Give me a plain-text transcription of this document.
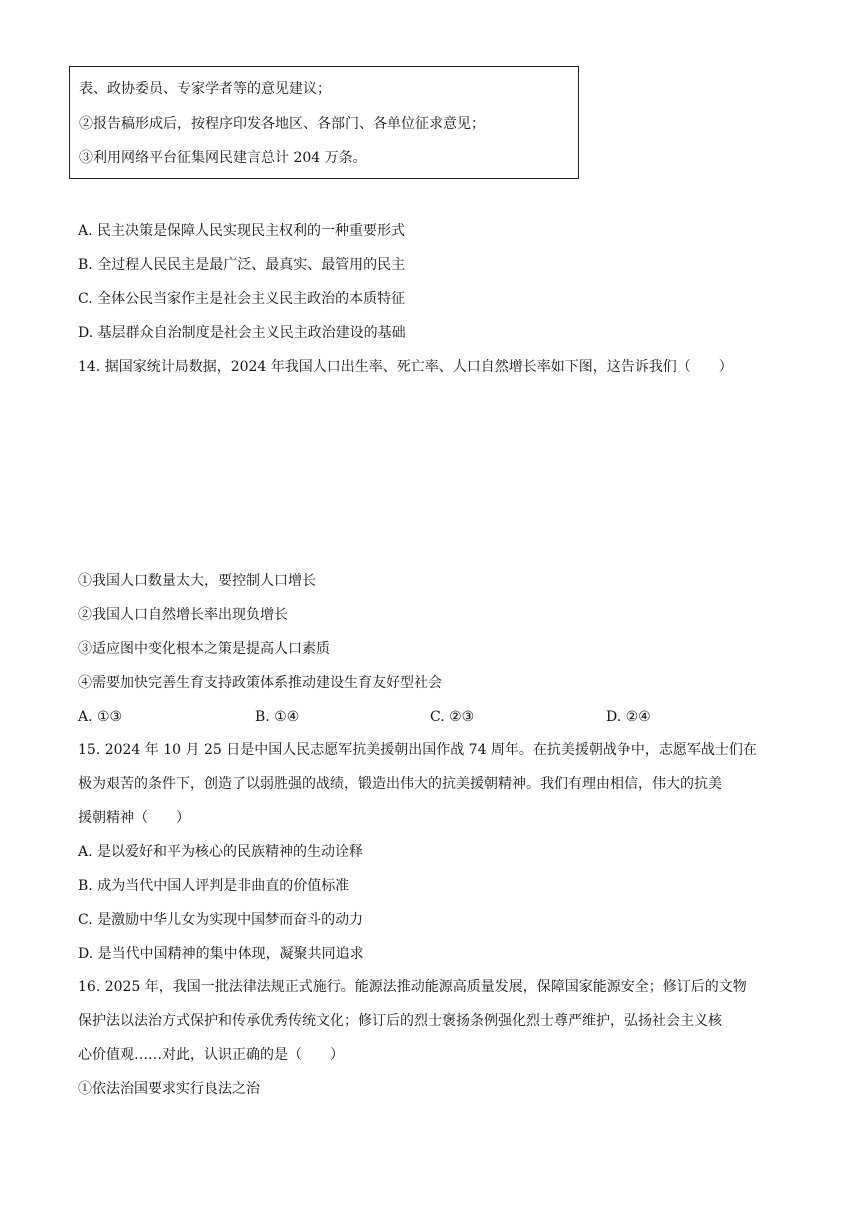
表、政协委员、专家学者等的意见建议；
②报告稿形成后，按程序印发各地区、各部门、各单位征求意见；
③利用网络平台征集网民建言总计 204 万条。
A. 民主决策是保障人民实现民主权利的一种重要形式
B. 全过程人民民主是最广泛、最真实、最管用的民主
C. 全体公民当家作主是社会主义民主政治的本质特征
D. 基层群众自治制度是社会主义民主政治建设的基础
14. 据国家统计局数据，2024 年我国人口出生率、死亡率、人口自然增长率如下图，这告诉我们（　　）
①我国人口数量太大，要控制人口增长
②我国人口自然增长率出现负增长
③适应图中变化根本之策是提高人口素质
④需要加快完善生育支持政策体系推动建设生育友好型社会
A. ①③	B. ①④	C. ②③	D. ②④
15. 2024 年 10 月 25 日是中国人民志愿军抗美援朝出国作战 74 周年。在抗美援朝战争中，志愿军战士们在
极为艰苦的条件下，创造了以弱胜强的战绩，锻造出伟大的抗美援朝精神。我们有理由相信，伟大的抗美
援朝精神（　　）
A. 是以爱好和平为核心的民族精神的生动诠释
B. 成为当代中国人评判是非曲直的价值标准
C. 是激励中华儿女为实现中国梦而奋斗的动力
D. 是当代中国精神的集中体现，凝聚共同追求
16. 2025 年，我国一批法律法规正式施行。能源法推动能源高质量发展，保障国家能源安全；修订后的文物
保护法以法治方式保护和传承优秀传统文化；修订后的烈士褒扬条例强化烈士尊严维护，弘扬社会主义核
心价值观……对此，认识正确的是（　　）
①依法治国要求实行良法之治
